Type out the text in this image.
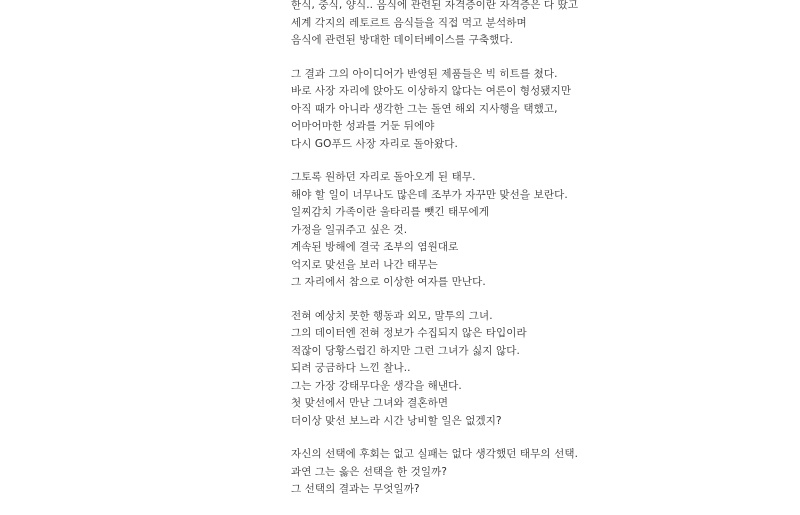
한식, 중식, 양식.. 음식에 관련된 자격증이란 자격증은 다 땄고
세계 각지의 레토르트 음식들을 직접 먹고 분석하며
음식에 관련된 방대한 데이터베이스를 구축했다.
그 결과 그의 아이디어가 반영된 제품들은 빅 히트를 쳤다.
바로 사장 자리에 앉아도 이상하지 않다는 여론이 형성됐지만
아직 때가 아니라 생각한 그는 돌연 해외 지사행을 택했고,
어마어마한 성과를 거둔 뒤에야
다시 GO푸드 사장 자리로 돌아왔다.
그토록 원하던 자리로 돌아오게 된 태무.
해야 할 일이 너무나도 많은데 조부가 자꾸만 맞선을 보란다.
일찌감치 가족이란 울타리를 뺏긴 태무에게
가정을 일궈주고 싶은 것.
계속된 방해에 결국 조부의 염원대로
억지로 맞선을 보러 나간 태무는
그 자리에서 참으로 이상한 여자를 만난다.
전혀 예상치 못한 행동과 외모, 말투의 그녀.
그의 데이터엔 전혀 정보가 수집되지 않은 타입이라
적잖이 당황스럽긴 하지만 그런 그녀가 싫지 않다.
되려 궁금하다 느낀 찰나..
그는 가장 강태무다운 생각을 해낸다.
첫 맞선에서 만난 그녀와 결혼하면
더이상 맞선 보느라 시간 낭비할 일은 없겠지?
자신의 선택에 후회는 없고 실패는 없다 생각했던 태무의 선택.
과연 그는 옳은 선택을 한 것일까?
그 선택의 결과는 무엇일까?
